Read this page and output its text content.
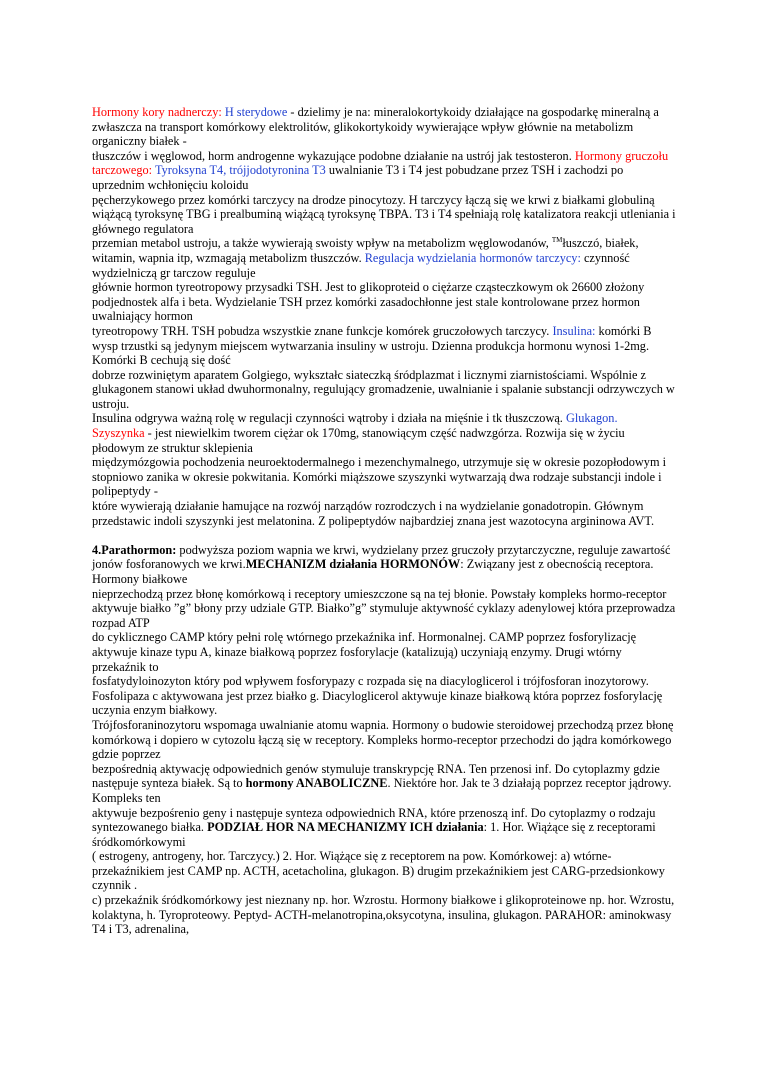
Hormony kory nadnerczy: H sterydowe - dzielimy je na: mineralokortykoidy działające na gospodarkę mineralną a zwłaszcza na transport komórkowy elektrolitów, glikokortykoidy wywierające wpływ głównie na metabolizm organiczny białek -
tłuszczów i węglowod, horm androgenne wykazujące podobne działanie na ustrój jak testosteron. Hormony gruczołu tarczowego: Tyroksyna T4, trójjodotyronina T3 uwalnianie T3 i T4 jest pobudzane przez TSH i zachodzi po uprzednim wchłonięciu koloidu
pęcherzykowego przez komórki tarczycy na drodze pinocytozy. H tarczycy łączą się we krwi z białkami globuliną wiążącą tyroksynę TBG i prealbuminą wiążącą tyroksynę TBPA. T3 i T4 spełniają rolę katalizatora reakcji utleniania i głównego regulatora
przemian metabol ustroju, a także wywierają swoisty wpływ na metabolizm węglowodanów, ™łuszczó, białek, witamin, wapnia itp, wzmagają metabolizm tłuszczów. Regulacja wydzielania hormonów tarczycy: czynność wydzielniczą gr tarczow reguluje
głównie hormon tyreotropowy przysadki TSH. Jest to glikoproteid o ciężarze cząsteczkowym ok 26600 złożony podjednostek alfa i beta. Wydzielanie TSH przez komórki zasadochłonne jest stale kontrolowane przez hormon uwalniający hormon
tyreotropowy TRH. TSH pobudza wszystkie znane funkcje komórek gruczołowych tarczycy. Insulina: komórki B wysp trzustki są jedynym miejscem wytwarzania insuliny w ustroju. Dzienna produkcja hormonu wynosi 1-2mg. Komórki B cechują się dość
dobrze rozwiniętym aparatem Golgiego, wykształc siateczką śródplazmat i licznymi ziarnistościami. Wspólnie z glukagonem stanowi układ dwuhormonalny, regulujący gromadzenie, uwalnianie i spalanie substancji odrzywczych w ustroju.
Insulina odgrywa ważną rolę w regulacji czynności wątroby i działa na mięśnie i tk tłuszczową. Glukagon.
Szyszynka - jest niewielkim tworem ciężar ok 170mg, stanowiącym część nadwzgórza. Rozwija się w życiu płodowym ze struktur sklepienia
międzymózgowia pochodzenia neuroektodermalnego i mezenchymalnego, utrzymuje się w okresie pozopłodowym i stopniowo zanika w okresie pokwitania. Komórki miąższowe szyszynki wytwarzają dwa rodzaje substancji indole i polipeptydy -
które wywierają działanie hamujące na rozwój narządów rozrodczych i na wydzielanie gonadotropin. Głównym przedstawic indoli szyszynki jest melatonina. Z polipeptydów najbardziej znana jest wazotocyna argininowa AVT.
4.Parathormon: podwyższa poziom wapnia we krwi, wydzielany przez gruczoły przytarczyczne, reguluje zawartość jonów fosforanowych we krwi.MECHANIZM działania HORMONÓW: Związany jest z obecnością receptora. Hormony białkowe
nieprzechodzą przez błonę komórkową i receptory umieszczone są na tej błonie. Powstały kompleks hormo-receptor aktywuje białko ”g” błony przy udziale GTP. Białko”g” stymuluje aktywność cyklazy adenylowej która przeprowadza rozpad ATP
do cyklicznego CAMP który pełni rolę wtórnego przekaźnika inf. Hormonalnej. CAMP poprzez fosforylizację aktywuje kinaze typu A, kinaze białkową poprzez fosforylacje (katalizują) uczyniają enzymy. Drugi wtórny przekaźnik to
fosfatydyloinozyton który pod wpływem fosforypazy c rozpada się na diacyloglicerol i trójfosforan inozytorowy. Fosfolipaza c aktywowana jest przez białko g. Diacyloglicerol aktywuje kinaze białkową która poprzez fosforylację uczynia enzym białkowy.
Trójfosforaninozytoru wspomaga uwalnianie atomu wapnia. Hormony o budowie steroidowej przechodzą przez błonę komórkową i dopiero w cytozolu łączą się w receptory. Kompleks hormo-receptor przechodzi do jądra komórkowego gdzie poprzez
bezpośrednią aktywację odpowiednich genów stymuluje transkrypcję RNA. Ten przenosi inf. Do cytoplazmy gdzie następuje synteza białek. Są to hormony ANABOLICZNE. Niektóre hor. Jak te 3 działają poprzez receptor jądrowy. Kompleks ten
aktywuje bezpośrenio geny i następuje synteza odpowiednich RNA, które przenoszą inf. Do cytoplazmy o rodzaju syntezowanego białka. PODZIAŁ HOR NA MECHANIZMY ICH działania: 1. Hor. Wiążące się z receptorami śródkomórkowymi
( estrogeny, antrogeny, hor. Tarczycy.) 2. Hor. Wiążące się z receptorem na pow. Komórkowej: a) wtórne-przekaźnikiem jest CAMP np. ACTH, acetacholina, glukagon. B) drugim przekaźnikiem jest CARG-przedsionkowy czynnik .
c) przekaźnik śródkomórkowy jest nieznany np. hor. Wzrostu. Hormony białkowe i glikoproteinowe np. hor. Wzrostu, kolaktyna, h. Tyroproteowy. Peptyd- ACTH-melanotropina,oksycotyna, insulina, glukagon. PARAHOR: aminokwasy T4 i T3, adrenalina,
